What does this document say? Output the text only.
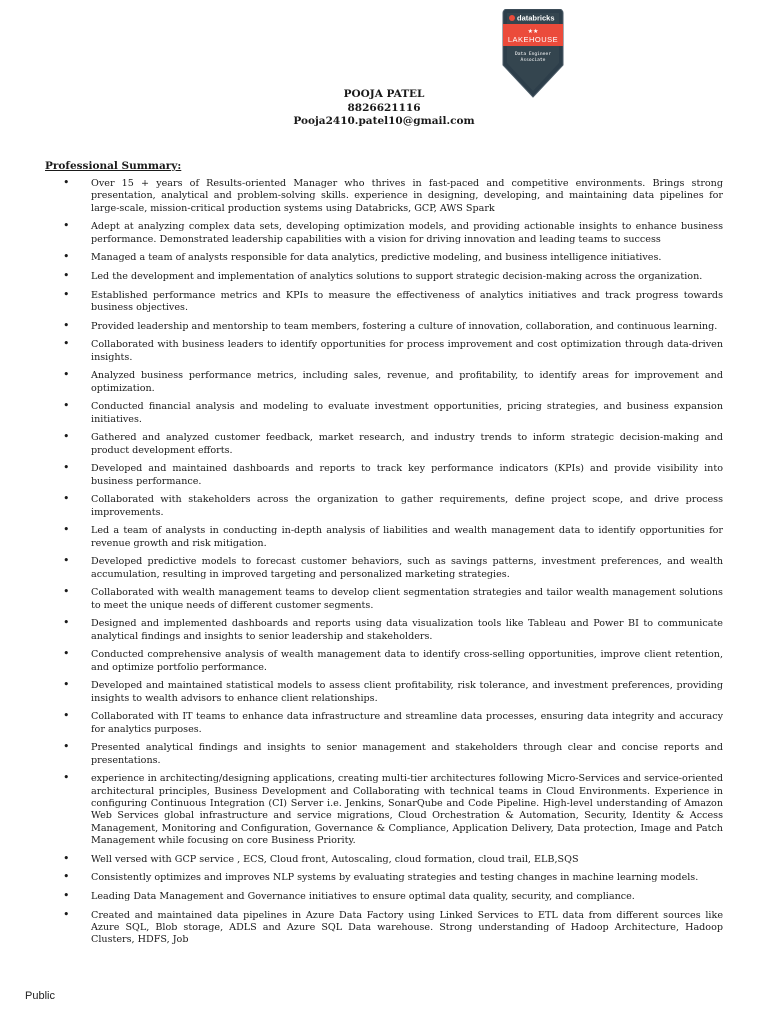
databricks
★★
LAKEHOUSE
Data Engineer
Associate
POOJA PATEL
8826621116
Pooja2410.patel10@gmail.com
Professional Summary:
• Over 15 + years of Results-oriented Manager who thrives in fast-paced and competitive environments. Brings strong presentation, analytical and problem-solving skills. experience in designing, developing, and maintaining data pipelines for large-scale, mission-critical production systems using Databricks, GCP, AWS Spark
• Adept at analyzing complex data sets, developing optimization models, and providing actionable insights to enhance business performance. Demonstrated leadership capabilities with a vision for driving innovation and leading teams to success
• Managed a team of analysts responsible for data analytics, predictive modeling, and business intelligence initiatives.
• Led the development and implementation of analytics solutions to support strategic decision-making across the organization.
• Established performance metrics and KPIs to measure the effectiveness of analytics initiatives and track progress towards business objectives.
• Provided leadership and mentorship to team members, fostering a culture of innovation, collaboration, and continuous learning.
• Collaborated with business leaders to identify opportunities for process improvement and cost optimization through data-driven insights.
• Analyzed business performance metrics, including sales, revenue, and profitability, to identify areas for improvement and optimization.
• Conducted financial analysis and modeling to evaluate investment opportunities, pricing strategies, and business expansion initiatives.
• Gathered and analyzed customer feedback, market research, and industry trends to inform strategic decision-making and product development efforts.
• Developed and maintained dashboards and reports to track key performance indicators (KPIs) and provide visibility into business performance.
• Collaborated with stakeholders across the organization to gather requirements, define project scope, and drive process improvements.
• Led a team of analysts in conducting in-depth analysis of liabilities and wealth management data to identify opportunities for revenue growth and risk mitigation.
• Developed predictive models to forecast customer behaviors, such as savings patterns, investment preferences, and wealth accumulation, resulting in improved targeting and personalized marketing strategies.
• Collaborated with wealth management teams to develop client segmentation strategies and tailor wealth management solutions to meet the unique needs of different customer segments.
• Designed and implemented dashboards and reports using data visualization tools like Tableau and Power BI to communicate analytical findings and insights to senior leadership and stakeholders.
• Conducted comprehensive analysis of wealth management data to identify cross-selling opportunities, improve client retention, and optimize portfolio performance.
• Developed and maintained statistical models to assess client profitability, risk tolerance, and investment preferences, providing insights to wealth advisors to enhance client relationships.
• Collaborated with IT teams to enhance data infrastructure and streamline data processes, ensuring data integrity and accuracy for analytics purposes.
• Presented analytical findings and insights to senior management and stakeholders through clear and concise reports and presentations.
• experience in architecting/designing applications, creating multi-tier architectures following Micro-Services and service-oriented architectural principles, Business Development and Collaborating with technical teams in Cloud Environments. Experience in configuring Continuous Integration (CI) Server i.e. Jenkins, SonarQube and Code Pipeline. High-level understanding of Amazon Web Services global infrastructure and service migrations, Cloud Orchestration & Automation, Security, Identity & Access Management, Monitoring and Configuration, Governance & Compliance, Application Delivery, Data protection, Image and Patch Management while focusing on core Business Priority.
• Well versed with GCP service , ECS, Cloud front, Autoscaling, cloud formation, cloud trail, ELB,SQS
• Consistently optimizes and improves NLP systems by evaluating strategies and testing changes in machine learning models.
• Leading Data Management and Governance initiatives to ensure optimal data quality, security, and compliance.
• Created and maintained data pipelines in Azure Data Factory using Linked Services to ETL data from different sources like Azure SQL, Blob storage, ADLS and Azure SQL Data warehouse. Strong understanding of Hadoop Architecture, Hadoop Clusters, HDFS, Job
Public
